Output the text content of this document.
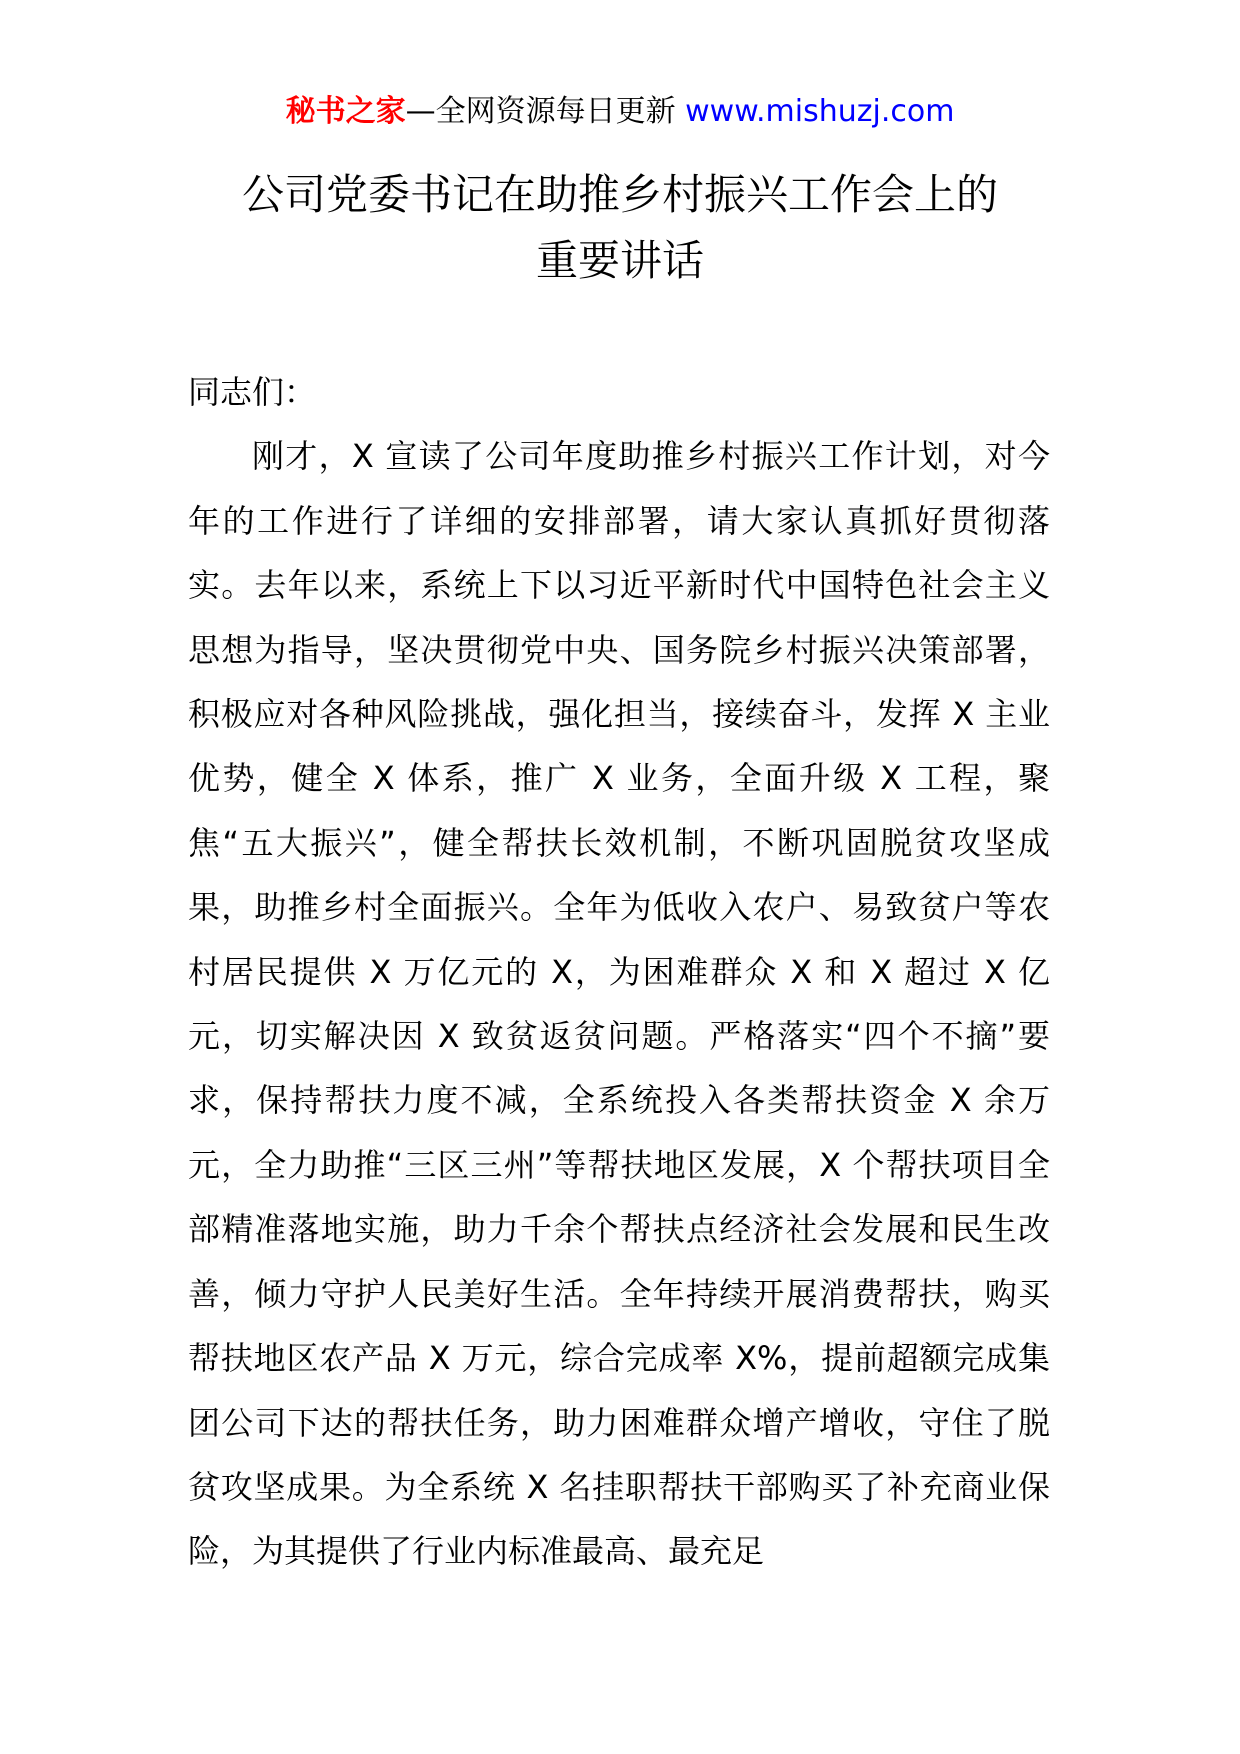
秘书之家—全网资源每日更新 www.mishuzj.com
公司党委书记在助推乡村振兴工作会上的
重要讲话

同志们：

刚才，X 宣读了公司年度助推乡村振兴工作计划，对今年的工作进行了详细的安排部署，请大家认真抓好贯彻落实。去年以来，系统上下以习近平新时代中国特色社会主义思想为指导，坚决贯彻党中央、国务院乡村振兴决策部署，积极应对各种风险挑战，强化担当，接续奋斗，发挥 X 主业优势，健全 X 体系，推广 X 业务，全面升级 X 工程，聚焦“五大振兴”，健全帮扶长效机制，不断巩固脱贫攻坚成果，助推乡村全面振兴。全年为低收入农户、易致贫户等农村居民提供 X 万亿元的 X，为困难群众 X 和 X 超过 X 亿元，切实解决因 X 致贫返贫问题。严格落实“四个不摘”要求，保持帮扶力度不减，全系统投入各类帮扶资金 X 余万元，全力助推“三区三州”等帮扶地区发展，X 个帮扶项目全部精准落地实施，助力千余个帮扶点经济社会发展和民生改善，倾力守护人民美好生活。全年持续开展消费帮扶，购买帮扶地区农产品 X 万元，综合完成率 X%，提前超额完成集团公司下达的帮扶任务，助力困难群众增产增收，守住了脱贫攻坚成果。为全系统 X 名挂职帮扶干部购买了补充商业保险，为其提供了行业内标准最高、最充足
